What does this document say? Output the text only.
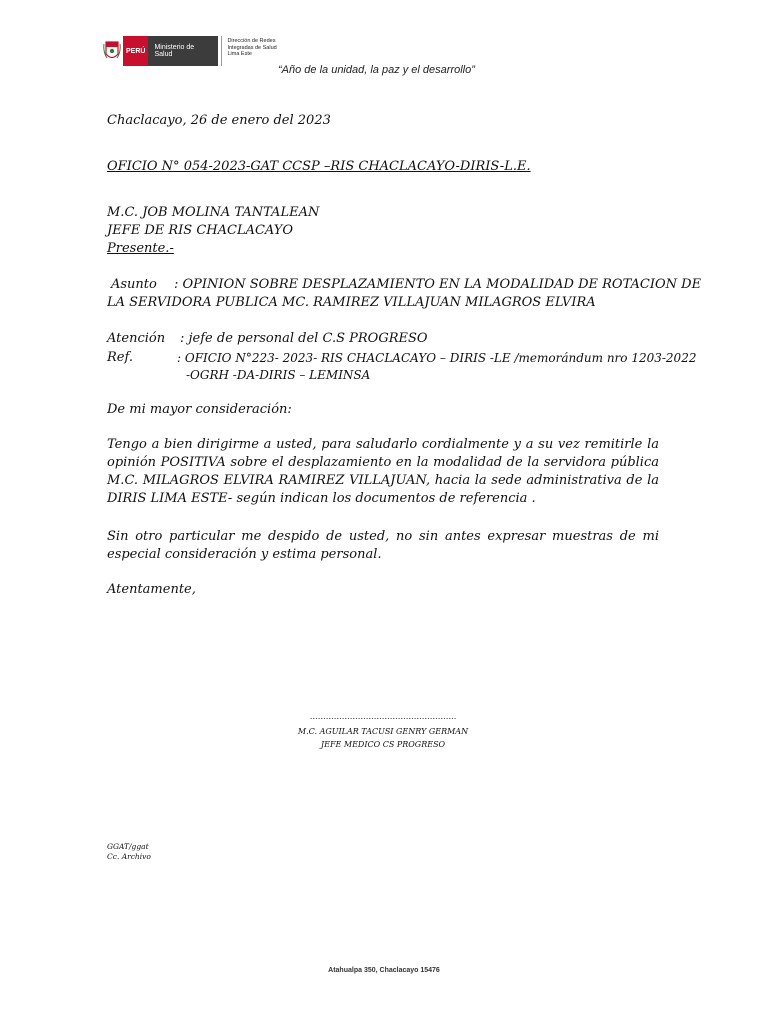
PERÚ	Ministerio de Salud
Dirección de Redes
Integradas de Salud
Lima Este
“Año de la unidad, la paz y el desarrollo”
Chaclacayo, 26 de enero del 2023
OFICIO N° 054-2023-GAT CCSP –RIS CHACLACAYO-DIRIS-L.E.
M.C. JOB MOLINA TANTALEAN
JEFE DE RIS CHACLACAYO
Presente.-
Asunto : OPINION SOBRE DESPLAZAMIENTO EN LA MODALIDAD DE ROTACION DE
LA SERVIDORA PUBLICA MC. RAMIREZ VILLAJUAN MILAGROS ELVIRA
Atención : jefe de personal del C.S PROGRESO
Ref.	: OFICIO N°223- 2023- RIS CHACLACAYO – DIRIS -LE /memorándum nro 1203-2022
-OGRH -DA-DIRIS – LEMINSA
De mi mayor consideración:
Tengo a bien dirigirme a usted, para saludarlo cordialmente y a su vez remitirle la opinión POSITIVA sobre el desplazamiento en la modalidad de la servidora pública M.C. MILAGROS ELVIRA RAMIREZ VILLAJUAN, hacia la sede administrativa de la DIRIS LIMA ESTE- según indican los documentos de referencia .
Sin otro particular me despido de usted, no sin antes expresar muestras de mi especial consideración y estima personal.
Atentamente,
……………………………………………….
M.C. AGUILAR TACUSI GENRY GERMAN
JEFE MEDICO CS PROGRESO
GGAT/ggat
Cc. Archivo
Atahualpa 350, Chaclacayo 15476
